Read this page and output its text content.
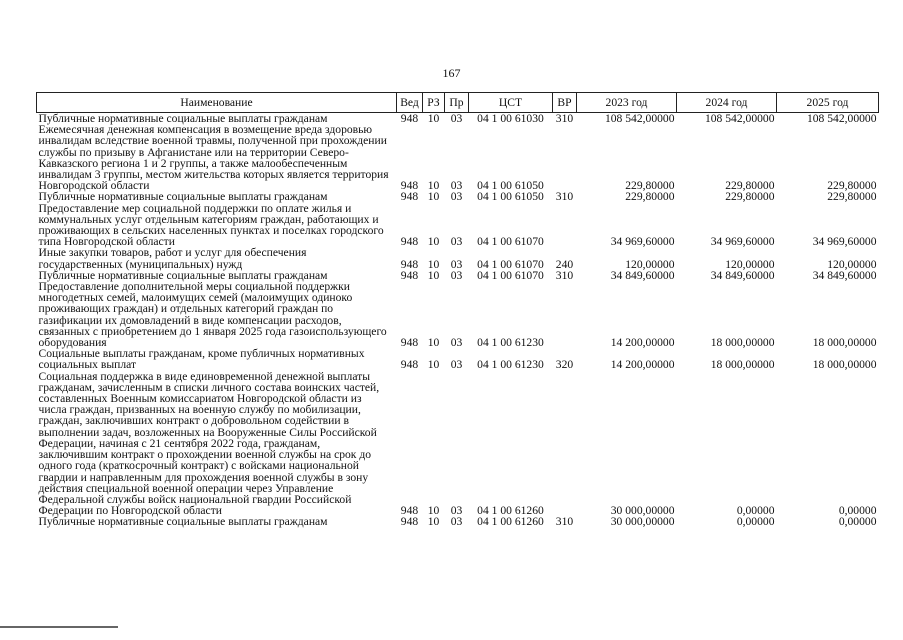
167
Наименование	Вед	РЗ	Пр	ЦСТ	ВР	2023 год	2024 год	2025 год
Публичные нормативные социальные выплаты гражданам	948	10	03	04 1 00 61030	310	108 542,00000	108 542,00000	108 542,00000
Ежемесячная денежная компенсация в возмещение вреда здоровью инвалидам вследствие военной травмы, полученной при прохождении службы по призыву в Афганистане или на территории Северо-Кавказского региона 1 и 2 группы, а также малообеспеченным инвалидам 3 группы, местом жительства которых является территория Новгородской области	948	10	03	04 1 00 61050		229,80000	229,80000	229,80000
Публичные нормативные социальные выплаты гражданам	948	10	03	04 1 00 61050	310	229,80000	229,80000	229,80000
Предоставление мер социальной поддержки по оплате жилья и коммунальных услуг отдельным категориям граждан, работающих и проживающих в сельских населенных пунктах и поселках городского типа Новгородской области	948	10	03	04 1 00 61070		34 969,60000	34 969,60000	34 969,60000
Иные закупки товаров, работ и услуг для обеспечения государственных (муниципальных) нужд	948	10	03	04 1 00 61070	240	120,00000	120,00000	120,00000
Публичные нормативные социальные выплаты гражданам	948	10	03	04 1 00 61070	310	34 849,60000	34 849,60000	34 849,60000
Предоставление дополнительной меры социальной поддержки многодетных семей, малоимущих семей (малоимущих одиноко проживающих граждан) и отдельных категорий граждан по газификации их домовладений в виде компенсации расходов, связанных с приобретением до 1 января 2025 года газоиспользующего оборудования	948	10	03	04 1 00 61230		14 200,00000	18 000,00000	18 000,00000
Социальные выплаты гражданам, кроме публичных нормативных социальных выплат	948	10	03	04 1 00 61230	320	14 200,00000	18 000,00000	18 000,00000
Социальная поддержка в виде единовременной денежной выплаты гражданам, зачисленным в списки личного состава воинских частей, составленных Военным комиссариатом Новгородской области из числа граждан, призванных на военную службу по мобилизации, граждан, заключивших контракт о добровольном содействии в выполнении задач, возложенных на Вооруженные Силы Российской Федерации, начиная с 21 сентября 2022 года, гражданам, заключившим контракт о прохождении военной службы на срок до одного года (краткосрочный контракт) с войсками национальной гвардии и направленным для прохождения военной службы в зону действия специальной военной операции через Управление Федеральной службы войск национальной гвардии Российской Федерации по Новгородской области	948	10	03	04 1 00 61260		30 000,00000	0,00000	0,00000
Публичные нормативные социальные выплаты гражданам	948	10	03	04 1 00 61260	310	30 000,00000	0,00000	0,00000
